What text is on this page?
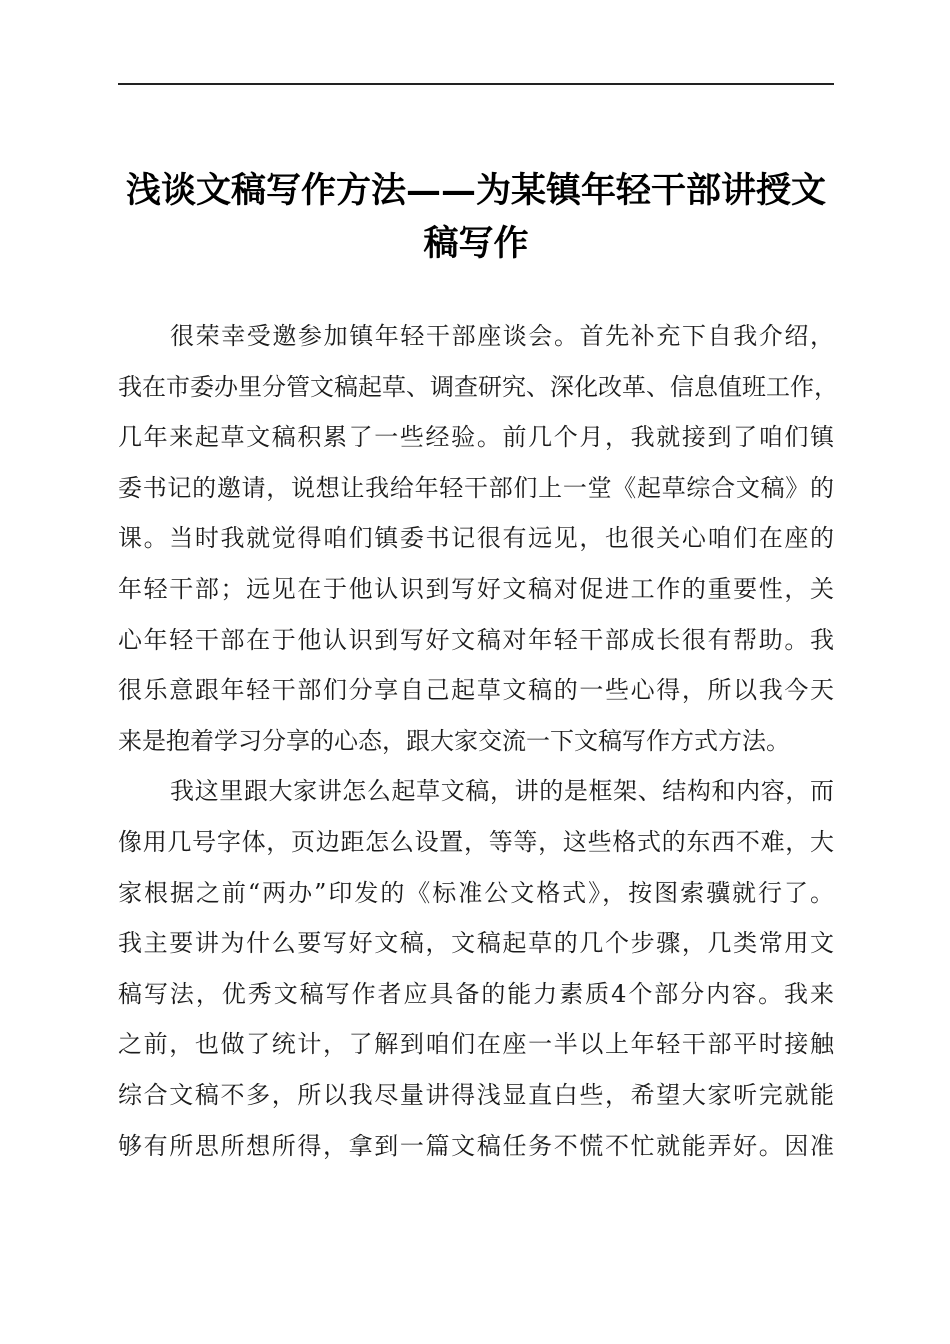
浅谈文稿写作方法——为某镇年轻干部讲授文
稿写作
很荣幸受邀参加镇年轻干部座谈会。首先补充下自我介绍，
我在市委办里分管文稿起草、调查研究、深化改革、信息值班工作，
几年来起草文稿积累了一些经验。前几个月，我就接到了咱们镇
委书记的邀请，说想让我给年轻干部们上一堂《起草综合文稿》的
课。当时我就觉得咱们镇委书记很有远见，也很关心咱们在座的
年轻干部；远见在于他认识到写好文稿对促进工作的重要性，关
心年轻干部在于他认识到写好文稿对年轻干部成长很有帮助。我
很乐意跟年轻干部们分享自己起草文稿的一些心得，所以我今天
来是抱着学习分享的心态，跟大家交流一下文稿写作方式方法。
我这里跟大家讲怎么起草文稿，讲的是框架、结构和内容，而
像用几号字体，页边距怎么设置，等等，这些格式的东西不难，大
家根据之前“两办”印发的《标准公文格式》，按图索骥就行了。
我主要讲为什么要写好文稿，文稿起草的几个步骤，几类常用文
稿写法，优秀文稿写作者应具备的能力素质4个部分内容。我来
之前，也做了统计，了解到咱们在座一半以上年轻干部平时接触
综合文稿不多，所以我尽量讲得浅显直白些，希望大家听完就能
够有所思所想所得，拿到一篇文稿任务不慌不忙就能弄好。因准
